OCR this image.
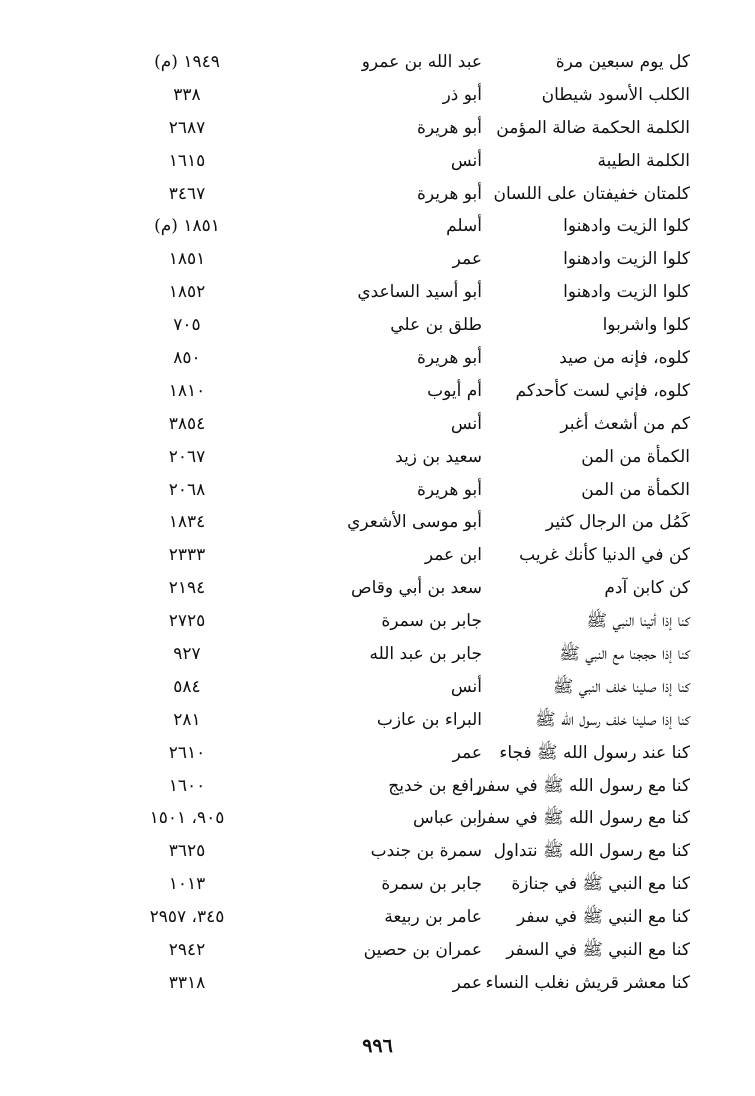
كل يوم سبعين مرة
عبد الله بن عمرو
١٩٤٩ (م)
الكلب الأسود شيطان
أبو ذر
٣٣٨
الكلمة الحكمة ضالة المؤمن
أبو هريرة
٢٦٨٧
الكلمة الطيبة
أنس
١٦١٥
كلمتان خفيفتان على اللسان
أبو هريرة
٣٤٦٧
كلوا الزيت وادهنوا
أسلم
١٨٥١ (م)
كلوا الزيت وادهنوا
عمر
١٨٥١
كلوا الزيت وادهنوا
أبو أسيد الساعدي
١٨٥٢
كلوا واشربوا
طلق بن علي
٧٠٥
كلوه، فإنه من صيد
أبو هريرة
٨٥٠
كلوه، فإني لست كأحدكم
أم أيوب
١٨١٠
كم من أشعث أغبر
أنس
٣٨٥٤
الكمأة من المن
سعيد بن زيد
٢٠٦٧
الكمأة من المن
أبو هريرة
٢٠٦٨
كَمُل من الرجال كثير
أبو موسى الأشعري
١٨٣٤
كن في الدنيا كأنك غريب
ابن عمر
٢٣٣٣
كن كابن آدم
سعد بن أبي وقاص
٢١٩٤
كنا إذا أتينا النبي ﷺ
جابر بن سمرة
٢٧٢٥
كنا إذا حججنا مع النبي ﷺ
جابر بن عبد الله
٩٢٧
كنا إذا صلينا خلف النبي ﷺ
أنس
٥٨٤
كنا إذا صلينا خلف رسول الله ﷺ
البراء بن عازب
٢٨١
كنا عند رسول الله ﷺ فجاء
عمر
٢٦١٠
كنا مع رسول الله ﷺ في سفر
رافع بن خديج
١٦٠٠
كنا مع رسول الله ﷺ في سفر
ابن عباس
٩٠٥، ١٥٠١
كنا مع رسول الله ﷺ نتداول
سمرة بن جندب
٣٦٢٥
كنا مع النبي ﷺ في جنازة
جابر بن سمرة
١٠١٣
كنا مع النبي ﷺ في سفر
عامر بن ربيعة
٣٤٥، ٢٩٥٧
كنا مع النبي ﷺ في السفر
عمران بن حصين
٢٩٤٢
كنا معشر قريش نغلب النساء
عمر
٣٣١٨
٩٩٦
